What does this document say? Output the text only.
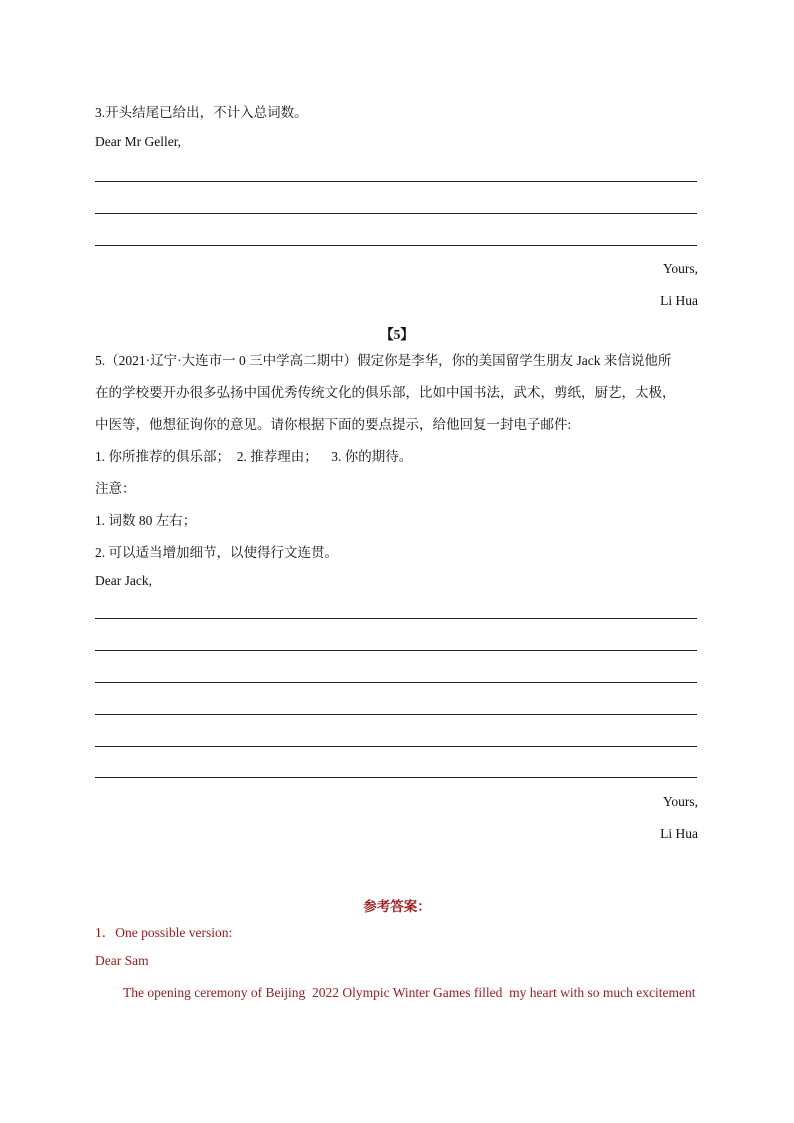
3.开头结尾已给出，不计入总词数。
Dear Mr Geller,
Yours,
Li Hua
【5】
5.（2021·辽宁·大连市一 0 三中学高二期中）假定你是李华，你的美国留学生朋友 Jack 来信说他所
在的学校要开办很多弘扬中国优秀传统文化的俱乐部，比如中国书法，武术，剪纸，厨艺，太极，
中医等，他想征询你的意见。请你根据下面的要点提示，给他回复一封电子邮件:
1. 你所推荐的俱乐部；  2. 推荐理由；    3. 你的期待。
注意：
1. 词数 80 左右；
2. 可以适当增加细节，以使得行文连贯。
Dear Jack,
Yours,
Li Hua
参考答案：
1．One possible version:
Dear Sam
The opening ceremony of Beijing  2022 Olympic Winter Games filled  my heart with so much excitement
